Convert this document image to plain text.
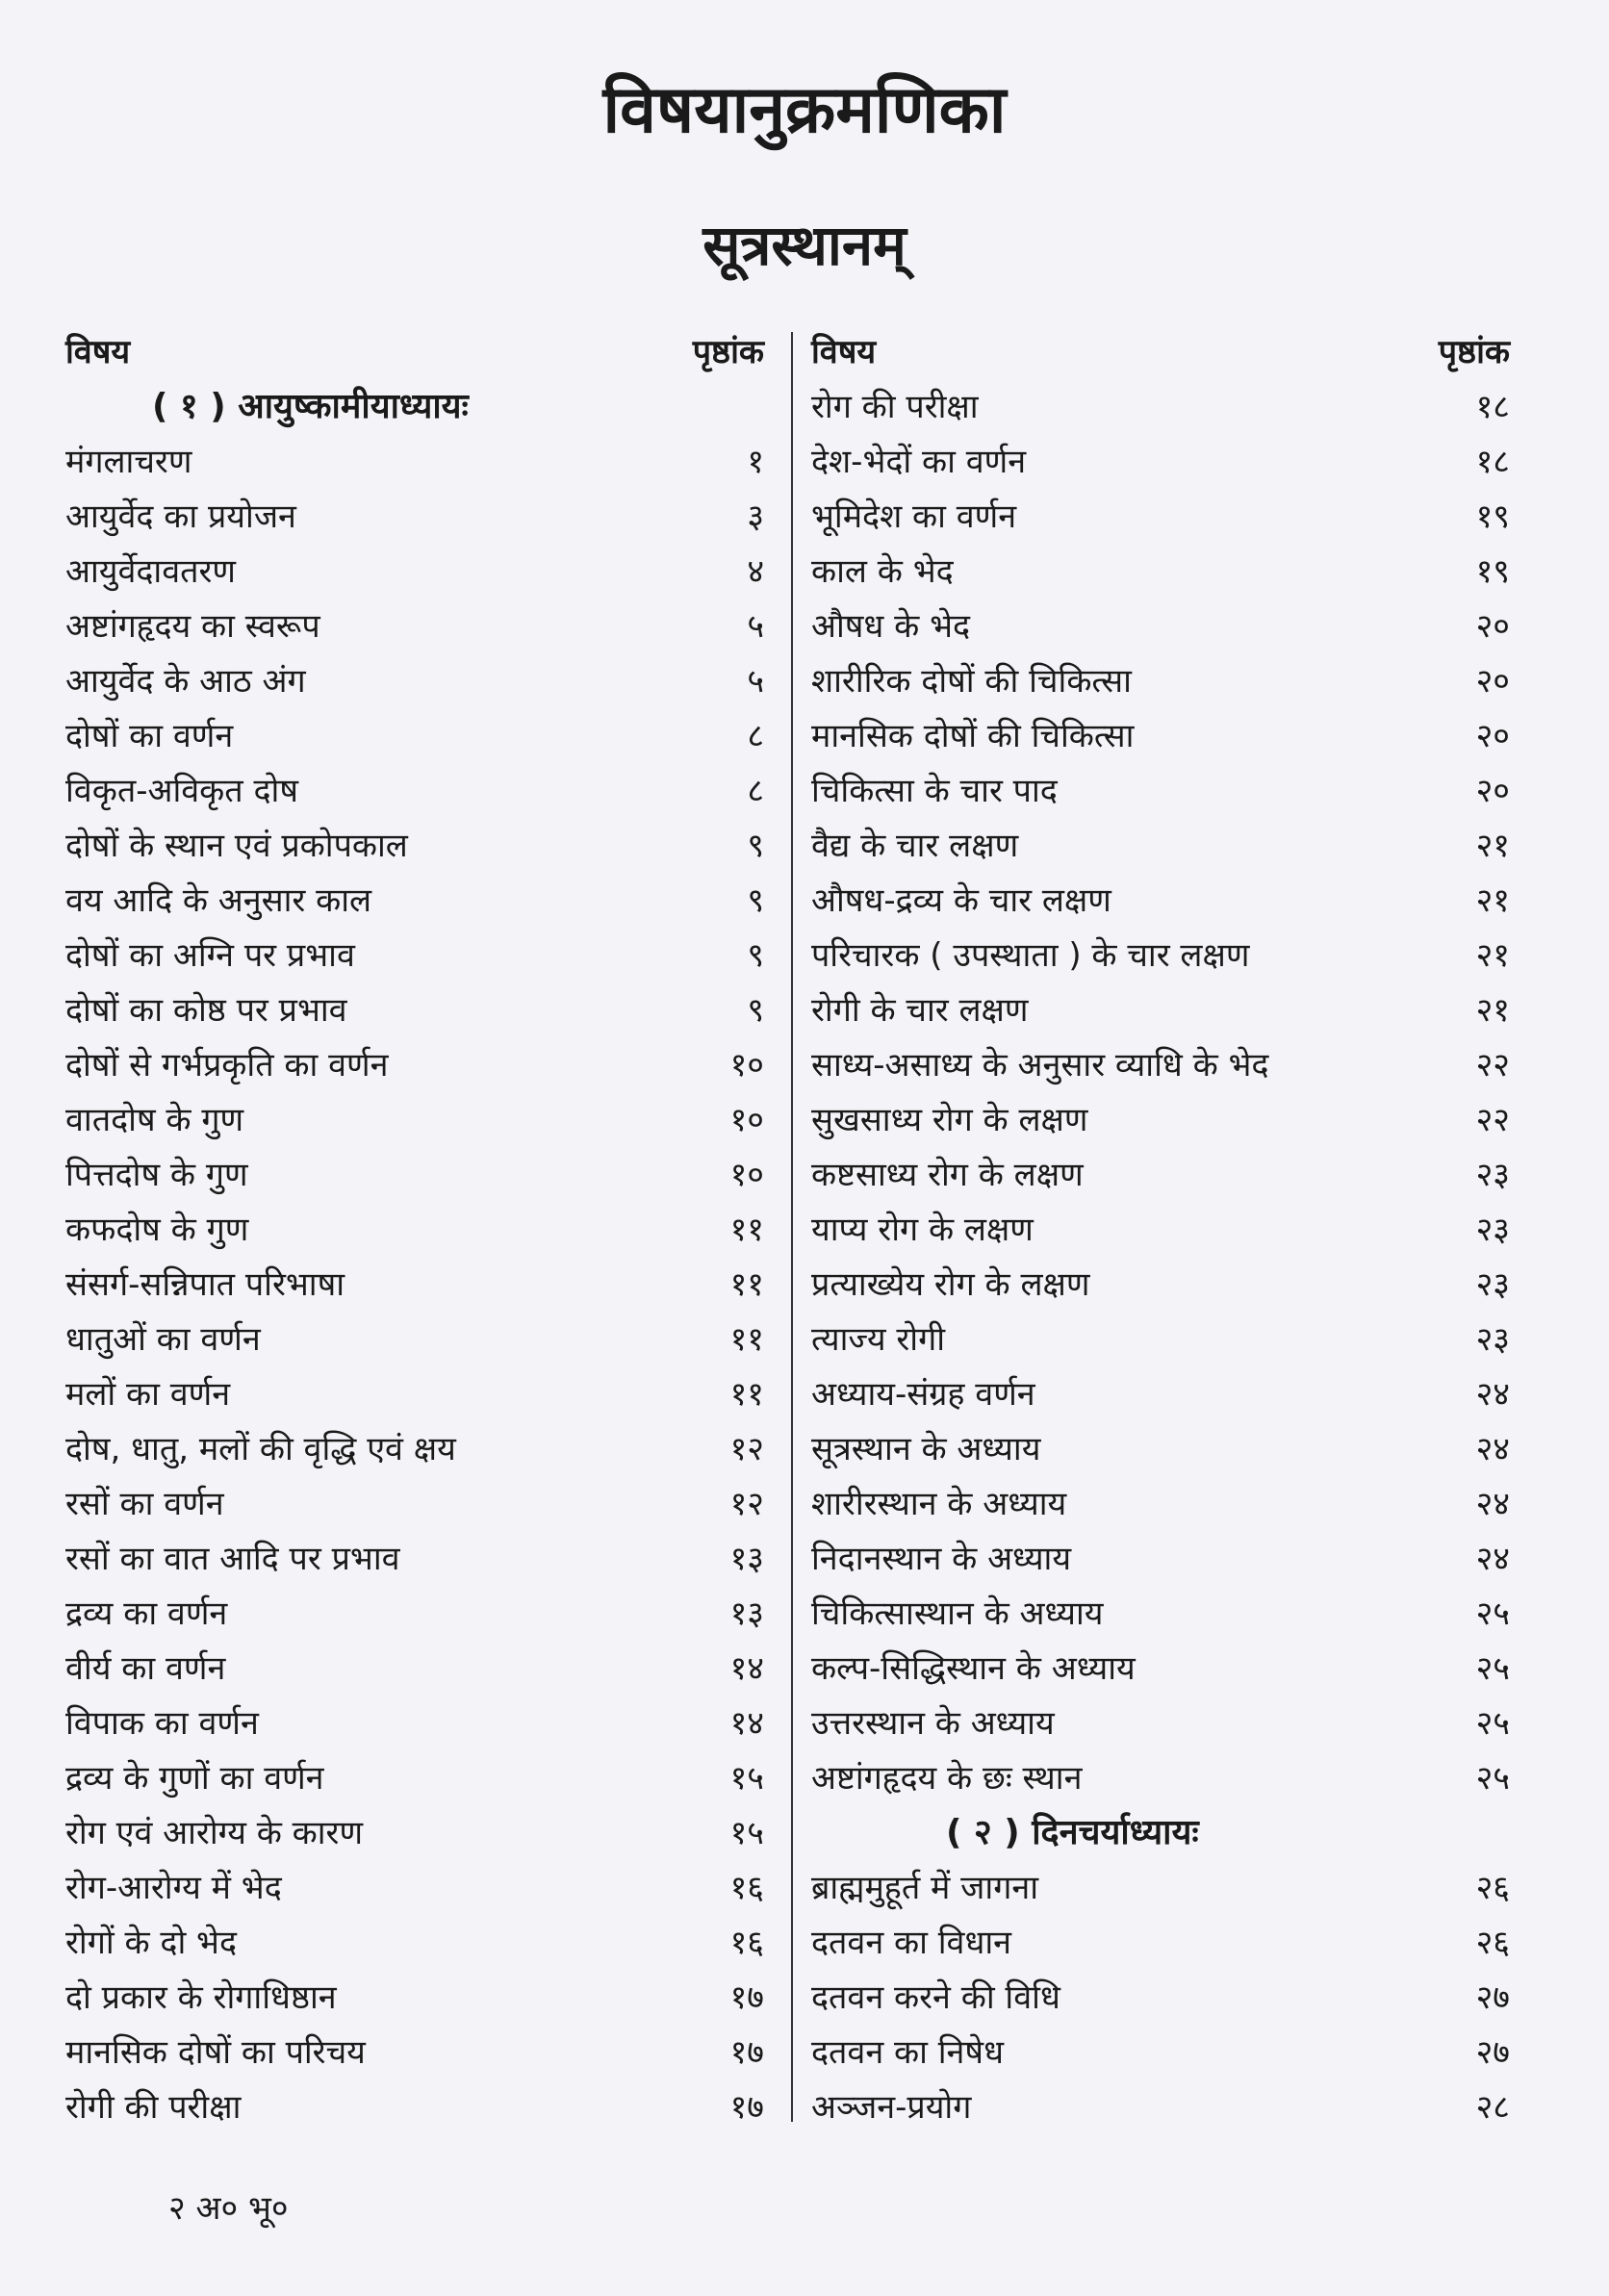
विषयानुक्रमणिका
सूत्रस्थानम्
विषय	पृष्ठांक
( १ ) आयुष्कामीयाध्यायः
मंगलाचरण	१
आयुर्वेद का प्रयोजन	३
आयुर्वेदावतरण	४
अष्टांगहृदय का स्वरूप	५
आयुर्वेद के आठ अंग	५
दोषों का वर्णन	८
विकृत-अविकृत दोष	८
दोषों के स्थान एवं प्रकोपकाल	९
वय आदि के अनुसार काल	९
दोषों का अग्नि पर प्रभाव	९
दोषों का कोष्ठ पर प्रभाव	९
दोषों से गर्भप्रकृति का वर्णन	१०
वातदोष के गुण	१०
पित्तदोष के गुण	१०
कफदोष के गुण	११
संसर्ग-सन्निपात परिभाषा	११
धातुओं का वर्णन	११
मलों का वर्णन	११
दोष, धातु, मलों की वृद्धि एवं क्षय	१२
रसों का वर्णन	१२
रसों का वात आदि पर प्रभाव	१३
द्रव्य का वर्णन	१३
वीर्य का वर्णन	१४
विपाक का वर्णन	१४
द्रव्य के गुणों का वर्णन	१५
रोग एवं आरोग्य के कारण	१५
रोग-आरोग्य में भेद	१६
रोगों के दो भेद	१६
दो प्रकार के रोगाधिष्ठान	१७
मानसिक दोषों का परिचय	१७
रोगी की परीक्षा	१७
विषय	पृष्ठांक
रोग की परीक्षा	१८
देश-भेदों का वर्णन	१८
भूमिदेश का वर्णन	१९
काल के भेद	१९
औषध के भेद	२०
शारीरिक दोषों की चिकित्सा	२०
मानसिक दोषों की चिकित्सा	२०
चिकित्सा के चार पाद	२०
वैद्य के चार लक्षण	२१
औषध-द्रव्य के चार लक्षण	२१
परिचारक ( उपस्थाता ) के चार लक्षण	२१
रोगी के चार लक्षण	२१
साध्य-असाध्य के अनुसार व्याधि के भेद	२२
सुखसाध्य रोग के लक्षण	२२
कष्टसाध्य रोग के लक्षण	२३
याप्य रोग के लक्षण	२३
प्रत्याख्येय रोग के लक्षण	२३
त्याज्य रोगी	२३
अध्याय-संग्रह वर्णन	२४
सूत्रस्थान के अध्याय	२४
शारीरस्थान के अध्याय	२४
निदानस्थान के अध्याय	२४
चिकित्सास्थान के अध्याय	२५
कल्प-सिद्धिस्थान के अध्याय	२५
उत्तरस्थान के अध्याय	२५
अष्टांगहृदय के छः स्थान	२५
( २ ) दिनचर्याध्यायः
ब्राह्ममुहूर्त में जागना	२६
दतवन का विधान	२६
दतवन करने की विधि	२७
दतवन का निषेध	२७
अञ्जन-प्रयोग	२८
२ अ० भू०
